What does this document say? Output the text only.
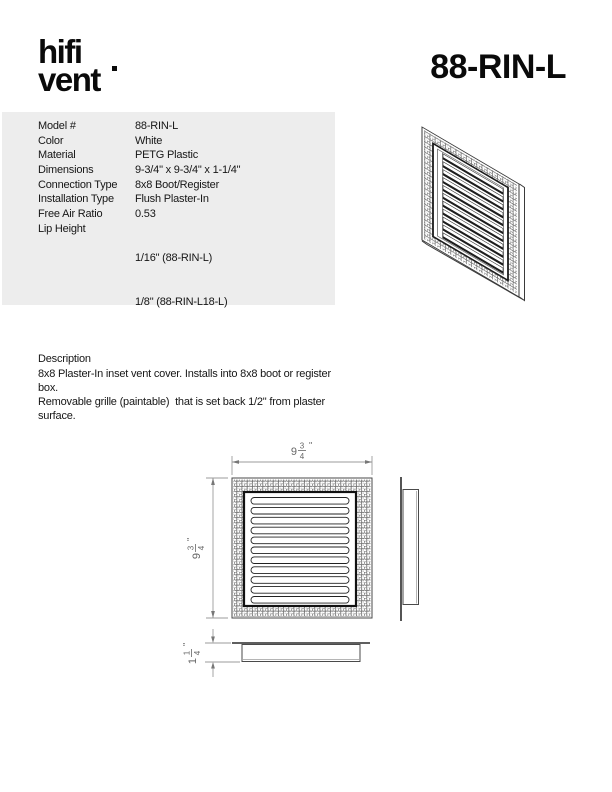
hifi
vent	88-RIN-L
Model #	88-RIN-L
Color	White
Material	PETG Plastic
Dimensions	9-3/4" x 9-3/4" x 1-1/4"
Connection Type	8x8 Boot/Register
Installation Type	Flush Plaster-In
Free Air Ratio	0.53
Lip Height

1/16" (88-RIN-L)

1/8" (88-RIN-L18-L)

Description
8x8 Plaster-In inset vent cover. Installs into 8x8 boot or register box.
Removable grille (paintable)  that is set back 1/2" from plaster surface.
9 3
4
"
9
3 4
"
1
1 4
"
